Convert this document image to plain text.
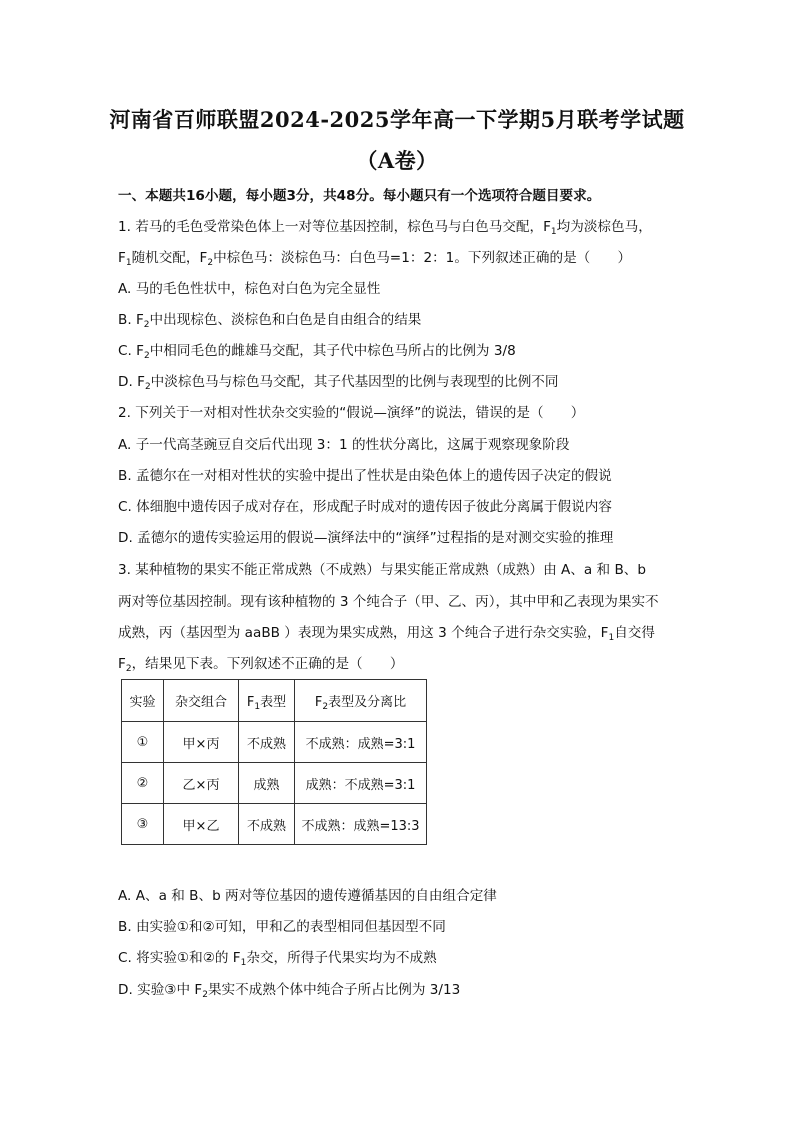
河南省百师联盟2024-2025学年高一下学期5月联考学试题
（A卷）
一、本题共16小题，每小题3分，共48分。每小题只有一个选项符合题目要求。
1. 若马的毛色受常染色体上一对等位基因控制，棕色马与白色马交配，$F_1$均为淡棕色马，
$F_1$随机交配，$F_2$中棕色马：淡棕色马：白色马=1：2：1。下列叙述正确的是（　　）
A. 马的毛色性状中，棕色对白色为完全显性
B. $F_2$中出现棕色、淡棕色和白色是自由组合的结果
C. $F_2$中相同毛色的雌雄马交配，其子代中棕色马所占的比例为 3/8
D. $F_2$中淡棕色马与棕色马交配，其子代基因型的比例与表现型的比例不同
2. 下列关于一对相对性状杂交实验的“假说—演绎”的说法，错误的是（　　）
A. 子一代高茎豌豆自交后代出现 3：1 的性状分离比，这属于观察现象阶段
B. 孟德尔在一对相对性状的实验中提出了性状是由染色体上的遗传因子决定的假说
C. 体细胞中遗传因子成对存在，形成配子时成对的遗传因子彼此分离属于假说内容
D. 孟德尔的遗传实验运用的假说—演绎法中的“演绎”过程指的是对测交实验的推理
3. 某种植物的果实不能正常成熟（不成熟）与果实能正常成熟（成熟）由 A、a 和 B、b
两对等位基因控制。现有该种植物的 3 个纯合子（甲、乙、丙），其中甲和乙表现为果实不
成熟，丙（基因型为 aaBB ）表现为果实成熟，用这 3 个纯合子进行杂交实验，$F_1$自交得
$F_2$，结果见下表。下列叙述不正确的是（　　）
实验	杂交组合	$F_1$表型	$F_2$表型及分离比
①	甲×丙	不成熟	不成熟：成熟=3:1
②	乙×丙	成熟	成熟：不成熟=3:1
③	甲×乙	不成熟	不成熟：成熟=13:3
A. A、a 和 B、b 两对等位基因的遗传遵循基因的自由组合定律
B. 由实验①和②可知，甲和乙的表型相同但基因型不同
C. 将实验①和②的 $F_1$杂交，所得子代果实均为不成熟
D. 实验③中 $F_2$果实不成熟个体中纯合子所占比例为 3/13
